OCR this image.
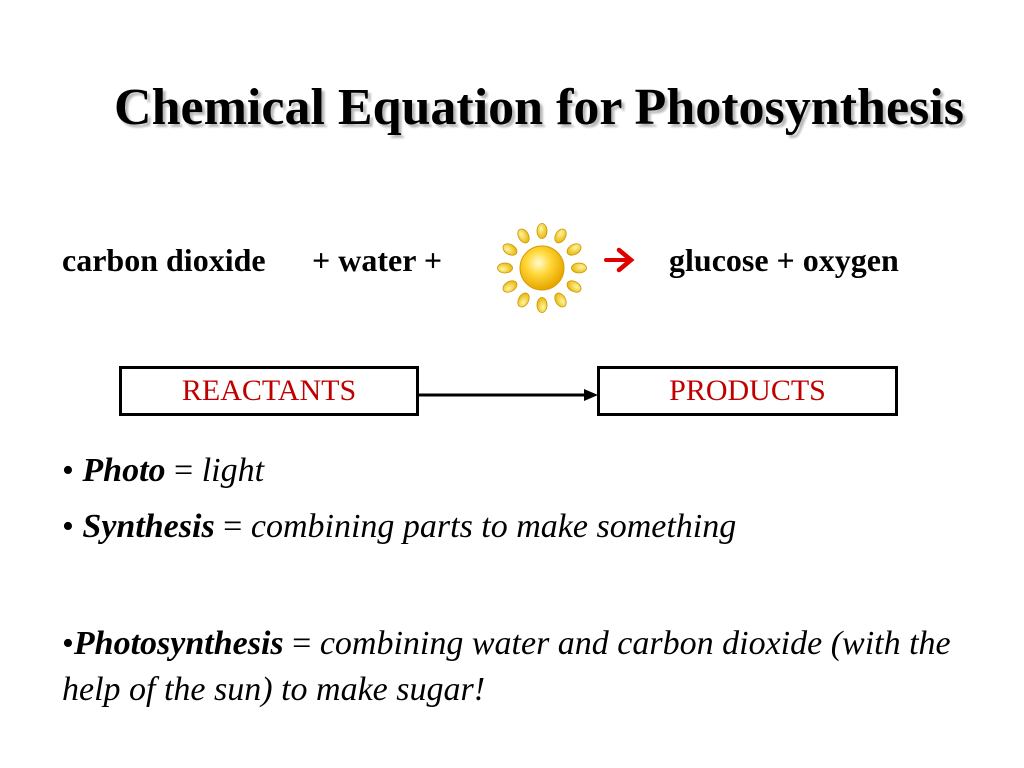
Chemical Equation for Photosynthesis
carbon dioxide + water +	glucose + oxygen
REACTANTS	PRODUCTS
• Photo = light
• Synthesis = combining parts to make something
•Photosynthesis = combining water and carbon dioxide (with the help of the sun) to make sugar!
